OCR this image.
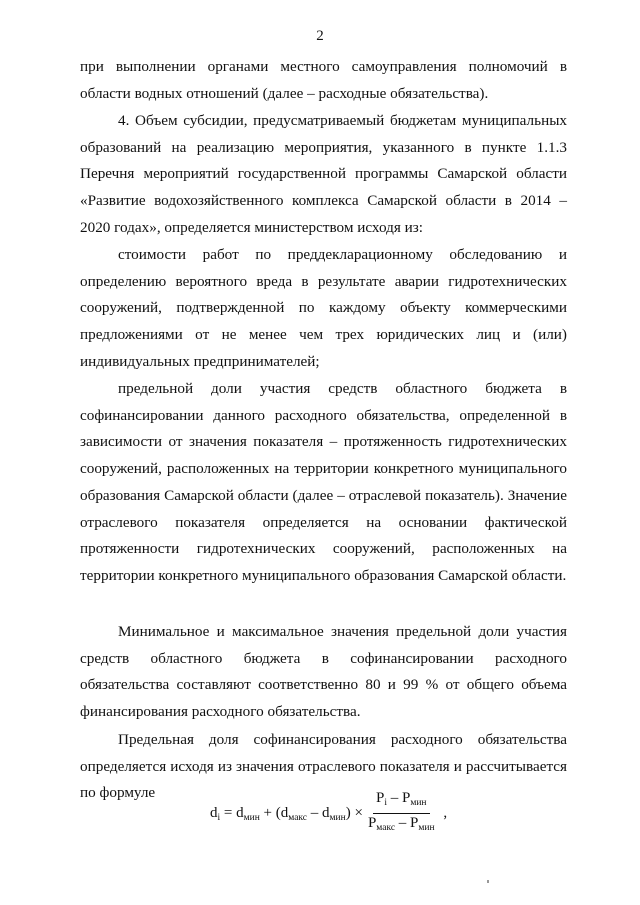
2

при выполнении органами местного самоуправления полномочий в области водных отношений (далее – расходные обязательства).

4. Объем субсидии, предусматриваемый бюджетам муниципальных образований на реализацию мероприятия, указанного в пункте 1.1.3 Перечня мероприятий государственной программы Самарской области «Развитие водохозяйственного комплекса Самарской области в 2014 – 2020 годах», определяется министерством исходя из:

стоимости работ по преддекларационному обследованию и определению вероятного вреда в результате аварии гидротехнических сооружений, подтвержденной по каждому объекту коммерческими предложениями от не менее чем трех юридических лиц и (или) индивидуальных предпринимателей;

предельной доли участия средств областного бюджета в софинансировании данного расходного обязательства, определенной в зависимости от значения показателя – протяженность гидротехнических сооружений, расположенных на территории конкретного муниципального образования Самарской области (далее – отраслевой показатель). Значение отраслевого показателя определяется на основании фактической протяженности гидротехнических сооружений, расположенных на территории конкретного муниципального образования Самарской области.

Минимальное и максимальное значения предельной доли участия средств областного бюджета в софинансировании расходного обязательства составляют соответственно 80 и 99 % от общего объема финансирования расходного обязательства.

Предельная доля софинансирования расходного обязательства определяется исходя из значения отраслевого показателя и рассчитывается по формуле

$d_i = d_{мин}$ + ( $d_{макс} - d_{мин}$ ) × $\frac{P_i - P_{мин}}{P_{макс} - P_{мин}}$ ,
